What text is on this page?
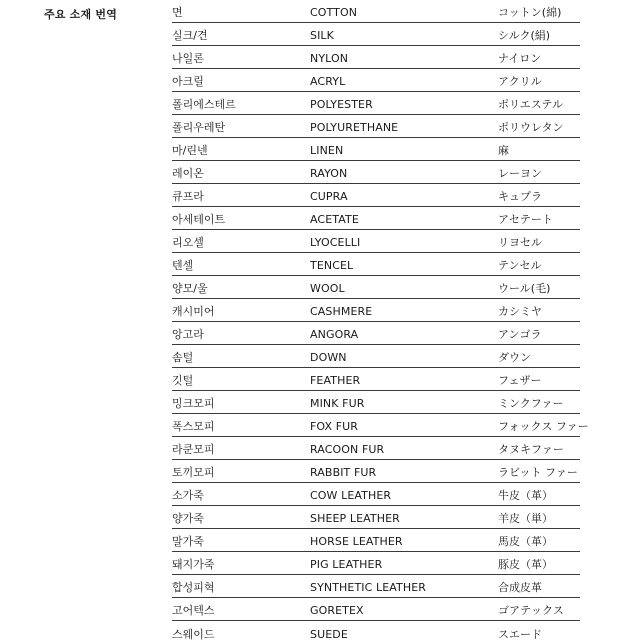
주요 소재 번역	면	COTTON	コットン(綿)
실크/견	SILK	シルク(絹)
나일론	NYLON	ナイロン
아크릴	ACRYL	アクリル
폴리에스테르	POLYESTER	ポリエステル
폴리우레탄	POLYURETHANE	ポリウレタン
마/린넨	LINEN	麻
레이온	RAYON	レーヨン
큐프라	CUPRA	キュプラ
아세테이트	ACETATE	アセテート
리오셀	LYOCELLI	リヨセル
텐셀	TENCEL	テンセル
양모/울	WOOL	ウール(毛)
캐시미어	CASHMERE	カシミヤ
앙고라	ANGORA	アンゴラ
솜털	DOWN	ダウン
깃털	FEATHER	フェザー
밍크모피	MINK FUR	ミンクファー
폭스모피	FOX FUR	フォックス ファー
라쿤모피	RACOON FUR	タヌキファー
토끼모피	RABBIT FUR	ラビット ファー
소가죽	COW LEATHER	牛皮（革）
양가죽	SHEEP LEATHER	羊皮（単）
말가죽	HORSE LEATHER	馬皮（革）
돼지가죽	PIG LEATHER	豚皮（革）
합성피혁	SYNTHETIC LEATHER	合成皮革
고어텍스	GORETEX	ゴアテックス
스웨이드	SUEDE	スエード
